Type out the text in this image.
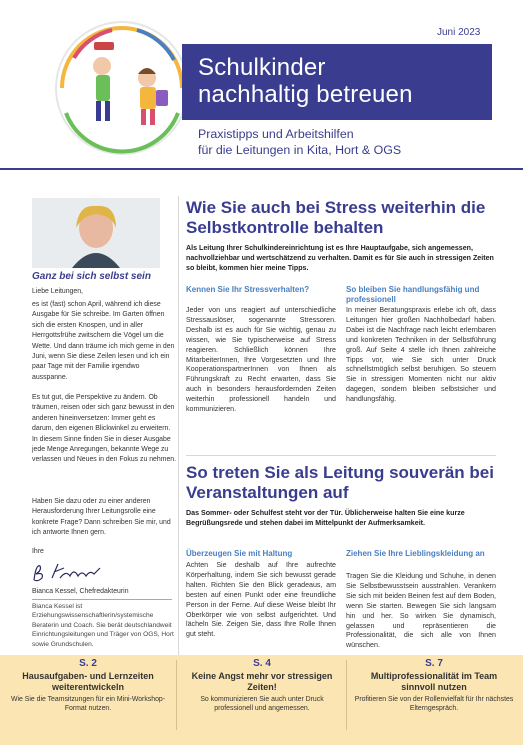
Juni 2023
Schulkinder
nachhaltig betreuen
Praxistipps und Arbeitshilfen
für die Leitungen in Kita, Hort & OGS
Ganz bei sich selbst sein

Liebe Leitungen,

es ist (fast) schon April, während ich diese Ausgabe für Sie schreibe. Im Garten öffnen sich die ersten Knospen, und in aller Herrgottsfrühe zwitschern die Vögel um die Wette. Und dann träume ich mich gerne in den Juni, wenn Sie diese Zeilen lesen und ich ein paar Tage mit der Familie irgendwo ausspanne.

Es tut gut, die Perspektive zu ändern. Ob träumen, reisen oder sich ganz bewusst in den anderen hineinversetzen: Immer geht es darum, den eigenen Blickwinkel zu erweitern. In diesem Sinne finden Sie in dieser Ausgabe jede Menge Anregungen, bekannte Wege zu verlassen und Neues in den Fokus zu nehmen.

Haben Sie dazu oder zu einer anderen Herausforderung Ihrer Leitungsrolle eine konkrete Frage? Dann schreiben Sie mir, und ich antworte Ihnen gern.

Ihre

Bianca Kessel, Chefredakteurin

Bianca Kessel ist Erziehungswissenschaftlerin/systemische Beraterin und Coach. Sie berät deutschlandweit Einrichtungsleitungen und Träger von OGS, Hort sowie Grundschulen.
Wie Sie auch bei Stress weiterhin die Selbstkontrolle behalten
Als Leitung Ihrer Schulkindereinrichtung ist es Ihre Hauptaufgabe, sich angemessen, nachvollziehbar und wertschätzend zu verhalten. Damit es für Sie auch in stressigen Zeiten so bleibt, kommen hier meine Tipps.
Kennen Sie Ihr Stressverhalten?
Jeder von uns reagiert auf unterschiedliche Stressauslöser, sogenannte Stressoren. Deshalb ist es auch für Sie wichtig, genau zu wissen, wie Sie typischerweise auf Stress reagieren. Schließlich können Ihre MitarbeiterInnen, Ihre Vorgesetzten und Ihre KooperationspartnerInnen von Ihnen als Führungskraft zu Recht erwarten, dass Sie auch in besonders herausfordernden Zeiten weiterhin professionell handeln und kommunizieren.
So bleiben Sie handlungsfähig und professionell
In meiner Beratungspraxis erlebe ich oft, dass Leitungen hier großen Nachholbedarf haben. Dabei ist die Nachfrage nach leicht erlernbaren und konkreten Techniken in der Selbstführung groß. Auf Seite 4 stelle ich Ihnen zahlreiche Tipps vor, wie Sie sich unter Druck schnellstmöglich selbst beruhigen. So steuern Sie in stressigen Momenten nicht nur aktiv dagegen, sondern bleiben selbstsicher und handlungsfähig.
So treten Sie als Leitung souverän bei Veranstaltungen auf
Das Sommer- oder Schulfest steht vor der Tür. Üblicherweise halten Sie eine kurze Begrüßungsrede und stehen dabei im Mittelpunkt der Aufmerksamkeit.
Überzeugen Sie mit Haltung
Achten Sie deshalb auf Ihre aufrechte Körperhaltung, indem Sie sich bewusst gerade halten. Richten Sie den Blick geradeaus, am besten auf einen Punkt oder eine freundliche Person in der Ferne. Auf diese Weise bleibt Ihr Oberkörper wie von selbst aufgerichtet. Und lächeln Sie. Zeigen Sie, dass Ihre Rolle Ihnen gut steht.
Ziehen Sie Ihre Lieblingskleidung an
Tragen Sie die Kleidung und Schuhe, in denen Sie Selbstbewusstsein ausstrahlen. Verankern Sie sich mit beiden Beinen fest auf dem Boden, wenn Sie starten. Bewegen Sie sich langsam hin und her. So wirken Sie dynamisch, gelassen und repräsentieren die Professionalität, die sich alle von Ihnen wünschen.
S. 2
Hausaufgaben- und Lernzeiten weiterentwickeln
Wie Sie die Teamsitzungen für ein Mini-Workshop-Format nutzen.
S. 4
Keine Angst mehr vor stressigen Zeiten!
So kommunizieren Sie auch unter Druck professionell und angemessen.
S. 7
Multiprofessionalität im Team sinnvoll nutzen
Profitieren Sie von der Rollenvielfalt für Ihr nächstes Elterngespräch.
